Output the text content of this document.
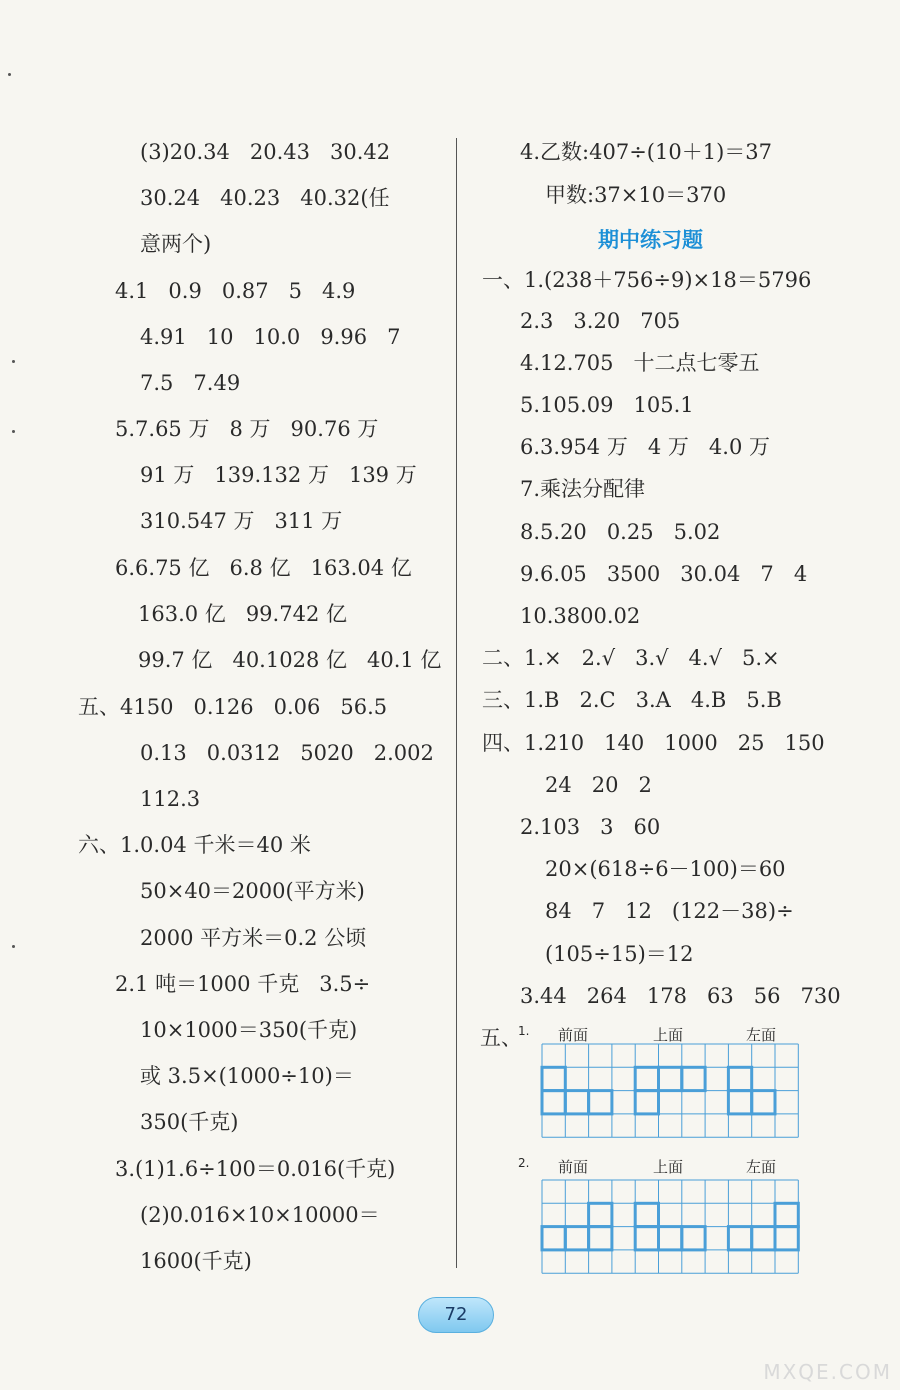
(3)20.34   20.43   30.42
30.24   40.23   40.32(任
意两个)
4.1   0.9   0.87   5   4.9
4.91   10   10.0   9.96   7
7.5   7.49
5.7.65 万   8 万   90.76 万
91 万   139.132 万   139 万
310.547 万   311 万
6.6.75 亿   6.8 亿   163.04 亿
163.0 亿   99.742 亿
99.7 亿   40.1028 亿   40.1 亿
五、4150   0.126   0.06   56.5
0.13   0.0312   5020   2.002
112.3
六、1.0.04 千米＝40 米
50×40＝2000(平方米)
2000 平方米＝0.2 公顷
2.1 吨＝1000 千克   3.5÷
10×1000＝350(千克)
或 3.5×(1000÷10)＝
350(千克)
3.(1)1.6÷100＝0.016(千克)
(2)0.016×10×10000＝
1600(千克)
4.乙数:407÷(10＋1)＝37
甲数:37×10＝370
一、1.(238＋756÷9)×18＝5796
2.3   3.20   705
4.12.705   十二点七零五
5.105.09   105.1
6.3.954 万   4 万   4.0 万
7.乘法分配律
8.5.20   0.25   5.02
9.6.05   3500   30.04   7   4
10.3800.02
二、1.×   2.√   3.√   4.√   5.×
三、1.B   2.C   3.A   4.B   5.B
四、1.210   140   1000   25   150
24   20   2
2.103   3   60
20×(618÷6－100)＝60
84   7   12   (122－38)÷
(105÷15)＝12
3.44   264   178   63   56   730
期中练习题
五、 前面	上面	左面
1.
前面	上面	左面
2.
72
MXQE.COM
